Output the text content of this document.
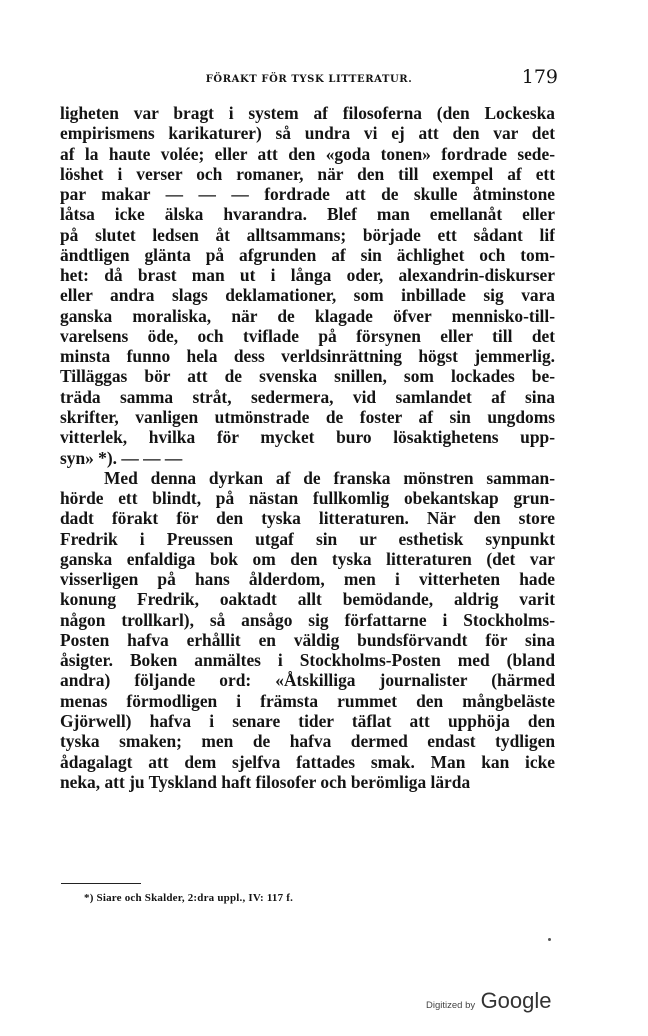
FÖRAKT FÖR TYSK LITTERATUR.	179
ligheten var bragt i system af filosoferna (den Lockeska
empirismens karikaturer) så undra vi ej att den var det
af la haute volée; eller att den «goda tonen» fordrade sede-
löshet i verser och romaner, när den till exempel af ett
par makar — — — fordrade att de skulle åtminstone
låtsa icke älska hvarandra. Blef man emellanåt eller
på slutet ledsen åt alltsammans; började ett sådant lif
ändtligen glänta på afgrunden af sin ächlighet och tom-
het: då brast man ut i långa oder, alexandrin-diskurser
eller andra slags deklamationer, som inbillade sig vara
ganska moraliska, när de klagade öfver mennisko-till-
varelsens öde, och tviflade på försynen eller till det
minsta funno hela dess verldsinrättning högst jemmerlig.
Tilläggas bör att de svenska snillen, som lockades be-
träda samma stråt, sedermera, vid samlandet af sina
skrifter, vanligen utmönstrade de foster af sin ungdoms
vitterlek, hvilka för mycket buro lösaktighetens upp-
syn» *). — — —
Med denna dyrkan af de franska mönstren samman-
hörde ett blindt, på nästan fullkomlig obekantskap grun-
dadt förakt för den tyska litteraturen. När den store
Fredrik i Preussen utgaf sin ur esthetisk synpunkt
ganska enfaldiga bok om den tyska litteraturen (det var
visserligen på hans ålderdom, men i vitterheten hade
konung Fredrik, oaktadt allt bemödande, aldrig varit
någon trollkarl), så ansågo sig författarne i Stockholms-
Posten hafva erhållit en väldig bundsförvandt för sina
åsigter. Boken anmältes i Stockholms-Posten med (bland
andra) följande ord: «Åtskilliga journalister (härmed
menas förmodligen i främsta rummet den mångbeläste
Gjörwell) hafva i senare tider täflat att upphöja den
tyska smaken; men de hafva dermed endast tydligen
ådagalagt att dem sjelfva fattades smak. Man kan icke
neka, att ju Tyskland haft filosofer och berömliga lärda
*) Siare och Skalder, 2:dra uppl., IV: 117 f.
Digitized by Google
